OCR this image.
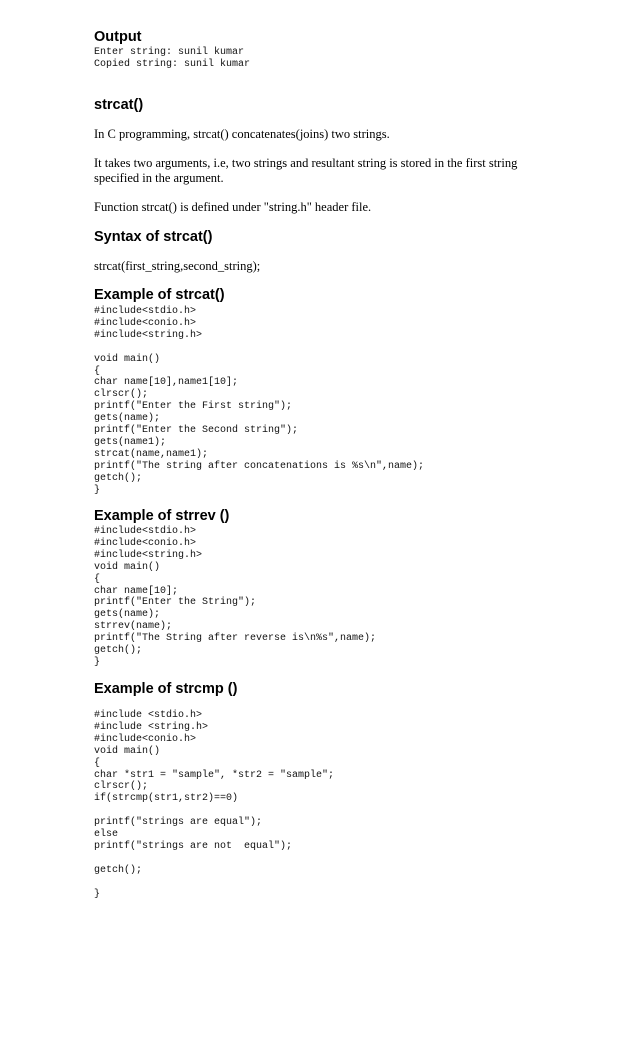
Output
Enter string: sunil kumar
Copied string: sunil kumar
strcat()

In C programming, strcat() concatenates(joins) two strings.

It takes two arguments, i.e, two strings and resultant string is stored in the first string specified in the argument.

Function strcat() is defined under "string.h" header file.

Syntax of strcat()

strcat(first_string,second_string);

Example of strcat()
#include<stdio.h>
#include<conio.h>
#include<string.h>

void main()
{
char name[10],name1[10];
clrscr();
printf("Enter the First string");
gets(name);
printf("Enter the Second string");
gets(name1);
strcat(name,name1);
printf("The string after concatenations is %s\n",name);
getch();
}
Example of strrev ()
#include<stdio.h>
#include<conio.h>
#include<string.h>
void main()
{
char name[10];
printf("Enter the String");
gets(name);
strrev(name);
printf("The String after reverse is\n%s",name);
getch();
}
Example of strcmp ()
#include <stdio.h>
#include <string.h>
#include<conio.h>
void main()
{
char *str1 = "sample", *str2 = "sample";
clrscr();
if(strcmp(str1,str2)==0)

printf("strings are equal");
else
printf("strings are not  equal");

getch();

}
